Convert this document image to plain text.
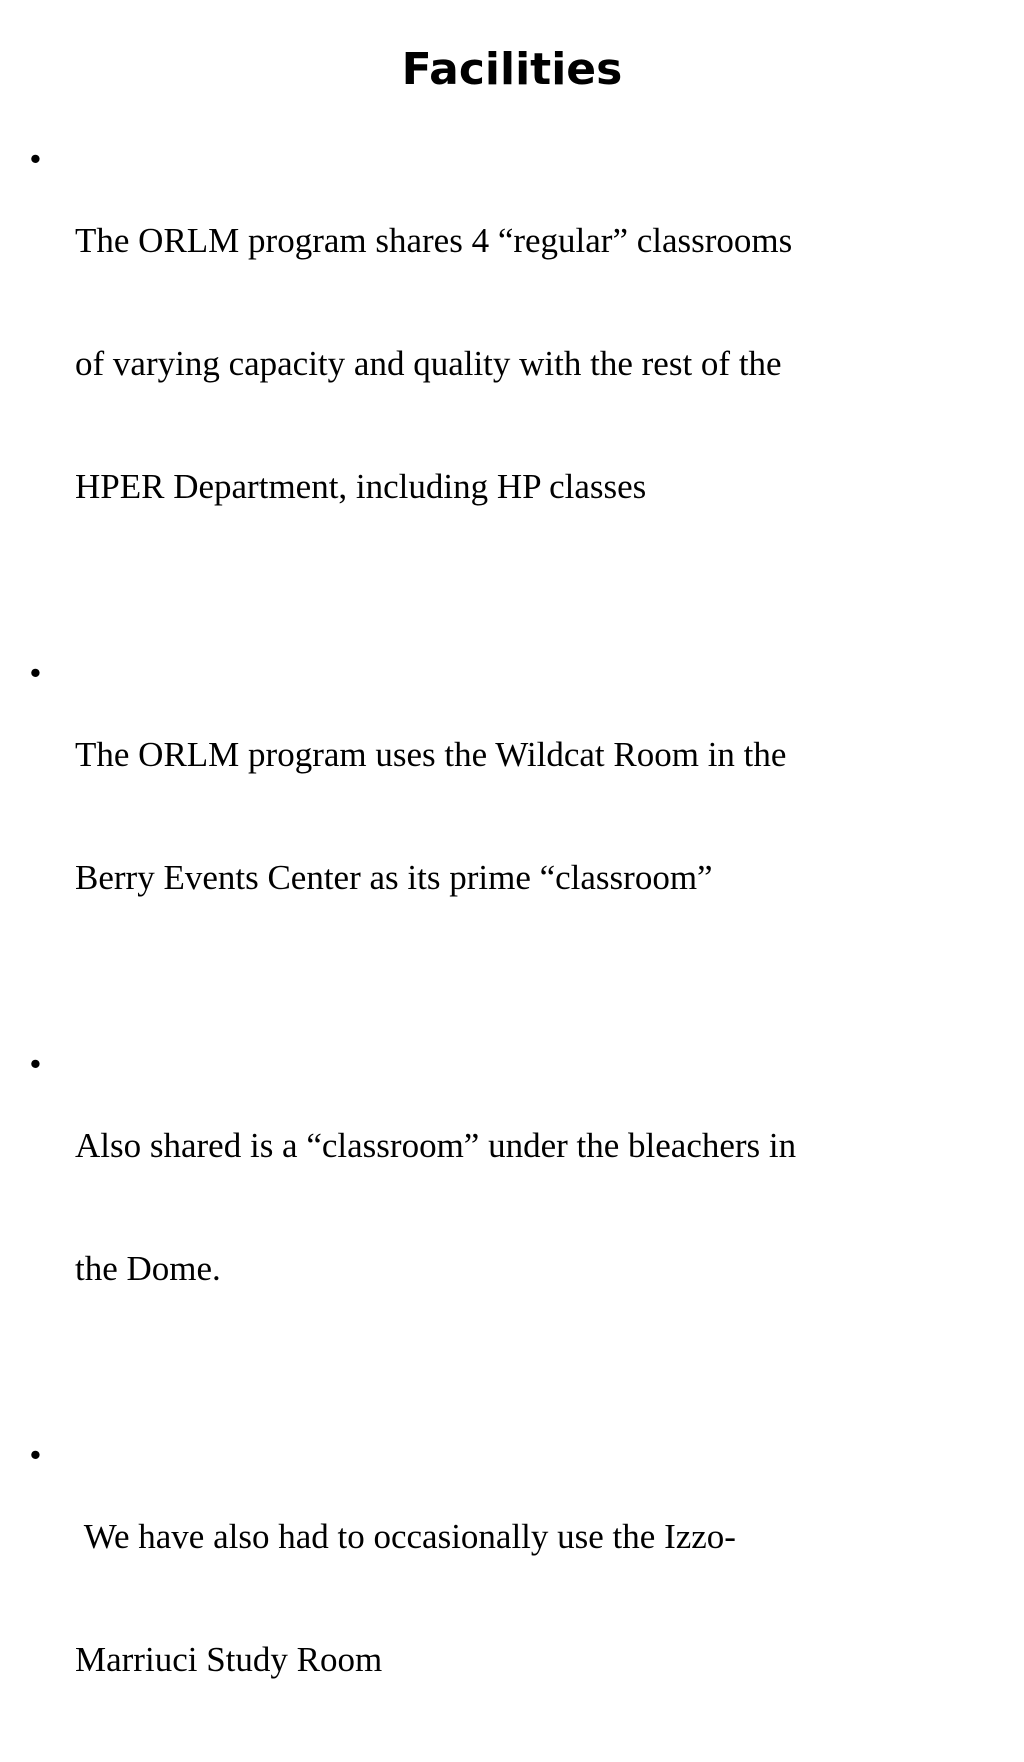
Facilities
•

The ORLM program shares 4 “regular” classrooms

of varying capacity and quality with the rest of the

HPER Department, including HP classes

•

The ORLM program uses the Wildcat Room in the

Berry Events Center as its prime “classroom”

•

Also shared is a “classroom” under the bleachers in

the Dome.

•

We have also had to occasionally use the Izzo-

Marriuci Study Room
